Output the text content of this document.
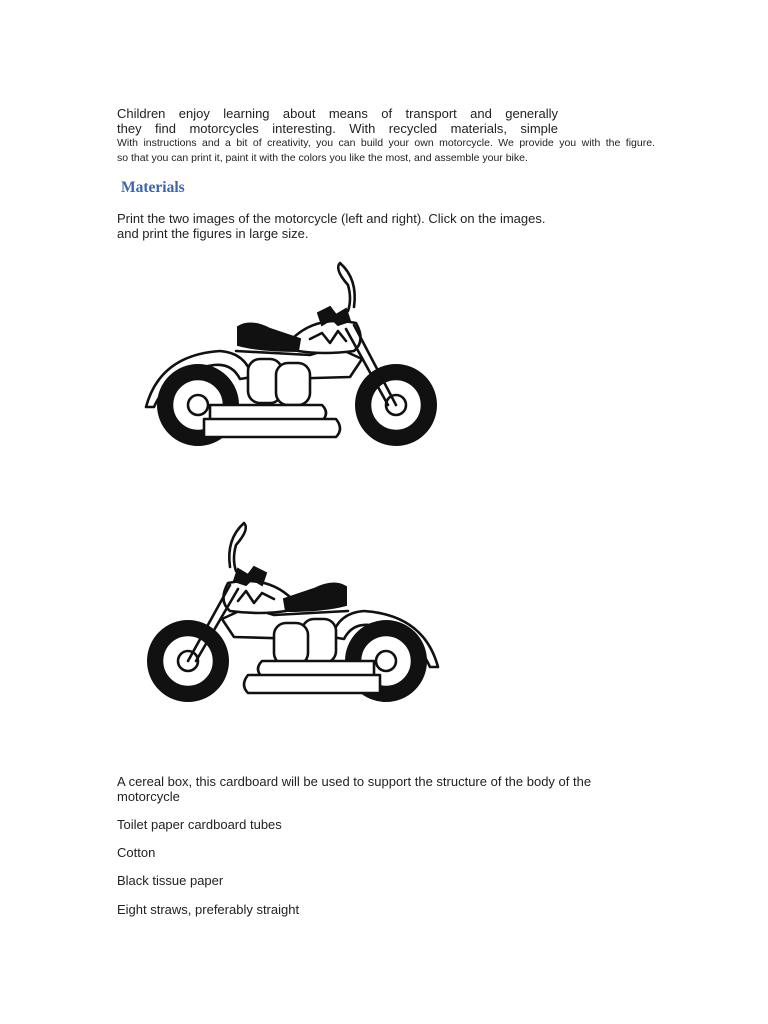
Children enjoy learning about means of transport and generally
they find motorcycles interesting. With recycled materials, simple
With instructions and a bit of creativity, you can build your own motorcycle. We provide you with the figure.
so that you can print it, paint it with the colors you like the most, and assemble your bike.
Materials
Print the two images of the motorcycle (left and right). Click on the images.
and print the figures in large size.
A cereal box, this cardboard will be used to support the structure of the body of the motorcycle
Toilet paper cardboard tubes
Cotton
Black tissue paper
Eight straws, preferably straight
